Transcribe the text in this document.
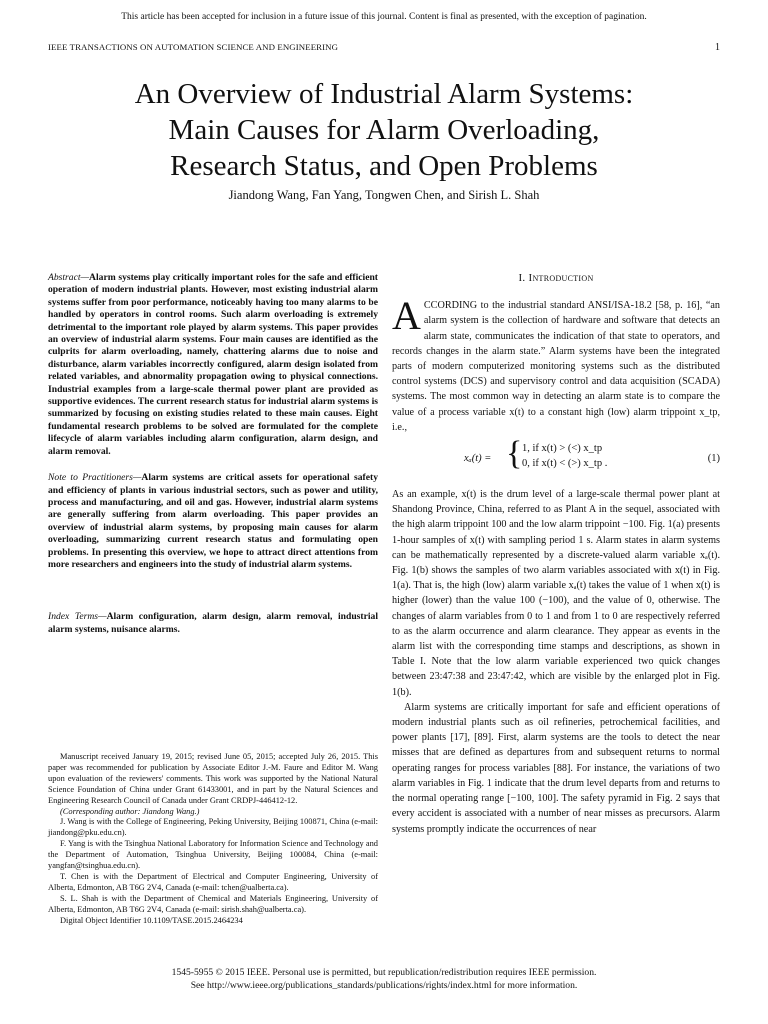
This article has been accepted for inclusion in a future issue of this journal. Content is final as presented, with the exception of pagination.
IEEE TRANSACTIONS ON AUTOMATION SCIENCE AND ENGINEERING	1
An Overview of Industrial Alarm Systems:
Main Causes for Alarm Overloading,
Research Status, and Open Problems
Jiandong Wang, Fan Yang, Tongwen Chen, and Sirish L. Shah
Abstract—Alarm systems play critically important roles for the safe and efficient operation of modern industrial plants. However, most existing industrial alarm systems suffer from poor performance, noticeably having too many alarms to be handled by operators in control rooms. Such alarm overloading is extremely detrimental to the important role played by alarm systems. This paper provides an overview of industrial alarm systems. Four main causes are identified as the culprits for alarm overloading, namely, chattering alarms due to noise and disturbance, alarm variables incorrectly configured, alarm design isolated from related variables, and abnormality propagation owing to physical connections. Industrial examples from a large-scale thermal power plant are provided as supportive evidences. The current research status for industrial alarm systems is summarized by focusing on existing studies related to these main causes. Eight fundamental research problems to be solved are formulated for the complete lifecycle of alarm variables including alarm configuration, alarm design, and alarm removal.
Note to Practitioners—Alarm systems are critical assets for operational safety and efficiency of plants in various industrial sectors, such as power and utility, process and manufacturing, and oil and gas. However, industrial alarm systems are generally suffering from alarm overloading. This paper provides an overview of industrial alarm systems, by proposing main causes for alarm overloading, summarizing current research status and formulating open problems. In presenting this overview, we hope to attract direct attentions from more researchers and engineers into the study of industrial alarm systems.
Index Terms—Alarm configuration, alarm design, alarm removal, industrial alarm systems, nuisance alarms.

Manuscript received January 19, 2015; revised June 05, 2015; accepted July 26, 2015. This paper was recommended for publication by Associate Editor J.-M. Faure and Editor M. Wang upon evaluation of the reviewers' comments. This work was supported by the National Natural Science Foundation of China under Grant 61433001, and in part by the Natural Sciences and Engineering Research Council of Canada under Grant CRDPJ-446412-12.

(Corresponding author: Jiandong Wang.)

J. Wang is with the College of Engineering, Peking University, Beijing 100871, China (e-mail: jiandong@pku.edu.cn).

F. Yang is with the Tsinghua National Laboratory for Information Science and Technology and the Department of Automation, Tsinghua University, Beijing 100084, China (e-mail: yangfan@tsinghua.edu.cn).

T. Chen is with the Department of Electrical and Computer Engineering, University of Alberta, Edmonton, AB T6G 2V4, Canada (e-mail: tchen@ualberta.ca).

S. L. Shah is with the Department of Chemical and Materials Engineering, University of Alberta, Edmonton, AB T6G 2V4, Canada (e-mail: sirish.shah@ualberta.ca).

Digital Object Identifier 10.1109/TASE.2015.2464234

I. Introduction

ACCORDING to the industrial standard ANSI/ISA-18.2 [58, p. 16], “an alarm system is the collection of hardware and software that detects an alarm state, communicates the indication of that state to operators, and records changes in the alarm state.” Alarm systems have been the integrated parts of modern computerized monitoring systems such as the distributed control systems (DCS) and supervisory control and data acquisition (SCADA) systems. The most common way in detecting an alarm state is to compare the value of a process variable x(t) to a constant high (low) alarm trippoint x_tp, i.e.,

xₐ(t) = { 1, if x(t) > (<) x_tp
0, if x(t) < (>) x_tp .	(1)

As an example, x(t) is the drum level of a large-scale thermal power plant at Shandong Province, China, referred to as Plant A in the sequel, associated with the high alarm trippoint 100 and the low alarm trippoint −100. Fig. 1(a) presents 1-hour samples of x(t) with sampling period 1 s. Alarm states in alarm systems can be mathematically represented by a discrete-valued alarm variable xₐ(t). Fig. 1(b) shows the samples of two alarm variables associated with x(t) in Fig. 1(a). That is, the high (low) alarm variable xₐ(t) takes the value of 1 when x(t) is higher (lower) than the value 100 (−100), and the value of 0, otherwise. The changes of alarm variables from 0 to 1 and from 1 to 0 are respectively referred to as the alarm occurrence and alarm clearance. They appear as events in the alarm list with the corresponding time stamps and descriptions, as shown in Table I. Note that the low alarm variable experienced two quick changes between 23:47:38 and 23:47:42, which are visible by the enlarged plot in Fig. 1(b).

Alarm systems are critically important for safe and efficient operations of modern industrial plants such as oil refineries, petrochemical facilities, and power plants [17], [89]. First, alarm systems are the tools to detect the near misses that are defined as departures from and subsequent returns to normal operating ranges for process variables [88]. For instance, the variations of two alarm variables in Fig. 1 indicate that the drum level departs from and returns to the normal operating range [−100, 100]. The safety pyramid in Fig. 2 says that every accident is associated with a number of near misses as precursors. Alarm systems promptly indicate the occurrences of near

1545-5955 © 2015 IEEE. Personal use is permitted, but republication/redistribution requires IEEE permission.
See http://www.ieee.org/publications_standards/publications/rights/index.html for more information.
